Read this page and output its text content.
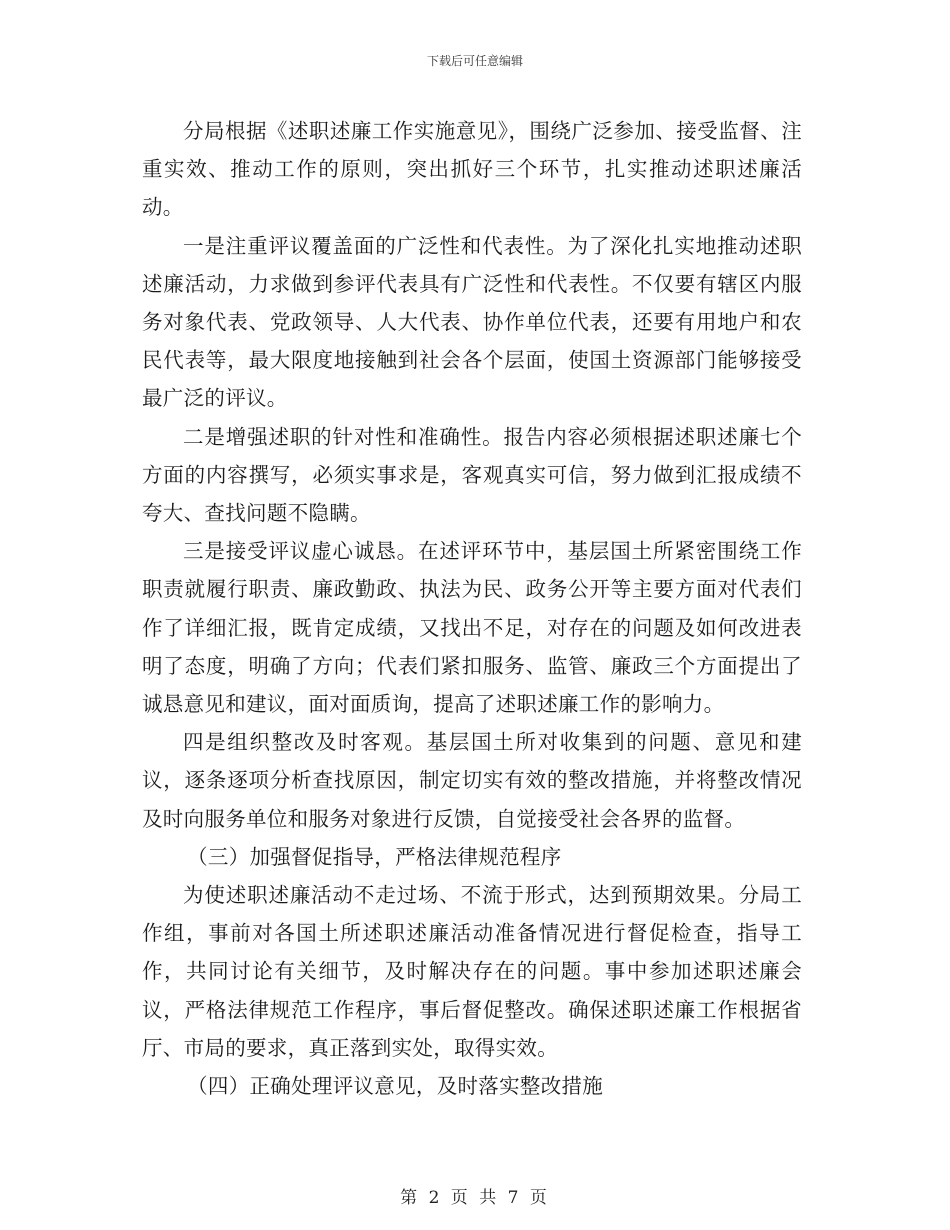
下载后可任意编辑

分局根据《述职述廉工作实施意见》，围绕广泛参加、接受监督、注重实效、推动工作的原则，突出抓好三个环节，扎实推动述职述廉活动。

一是注重评议覆盖面的广泛性和代表性。为了深化扎实地推动述职述廉活动，力求做到参评代表具有广泛性和代表性。不仅要有辖区内服务对象代表、党政领导、人大代表、协作单位代表，还要有用地户和农民代表等，最大限度地接触到社会各个层面，使国土资源部门能够接受最广泛的评议。

二是增强述职的针对性和准确性。报告内容必须根据述职述廉七个方面的内容撰写，必须实事求是，客观真实可信，努力做到汇报成绩不夸大、查找问题不隐瞒。

三是接受评议虚心诚恳。在述评环节中，基层国土所紧密围绕工作职责就履行职责、廉政勤政、执法为民、政务公开等主要方面对代表们作了详细汇报，既肯定成绩，又找出不足，对存在的问题及如何改进表明了态度，明确了方向；代表们紧扣服务、监管、廉政三个方面提出了诚恳意见和建议，面对面质询，提高了述职述廉工作的影响力。

四是组织整改及时客观。基层国土所对收集到的问题、意见和建议，逐条逐项分析查找原因，制定切实有效的整改措施，并将整改情况及时向服务单位和服务对象进行反馈，自觉接受社会各界的监督。

（三）加强督促指导，严格法律规范程序

为使述职述廉活动不走过场、不流于形式，达到预期效果。分局工作组，事前对各国土所述职述廉活动准备情况进行督促检查，指导工作，共同讨论有关细节，及时解决存在的问题。事中参加述职述廉会议，严格法律规范工作程序，事后督促整改。确保述职述廉工作根据省厅、市局的要求，真正落到实处，取得实效。

（四）正确处理评议意见，及时落实整改措施

第 2 页 共 7 页
